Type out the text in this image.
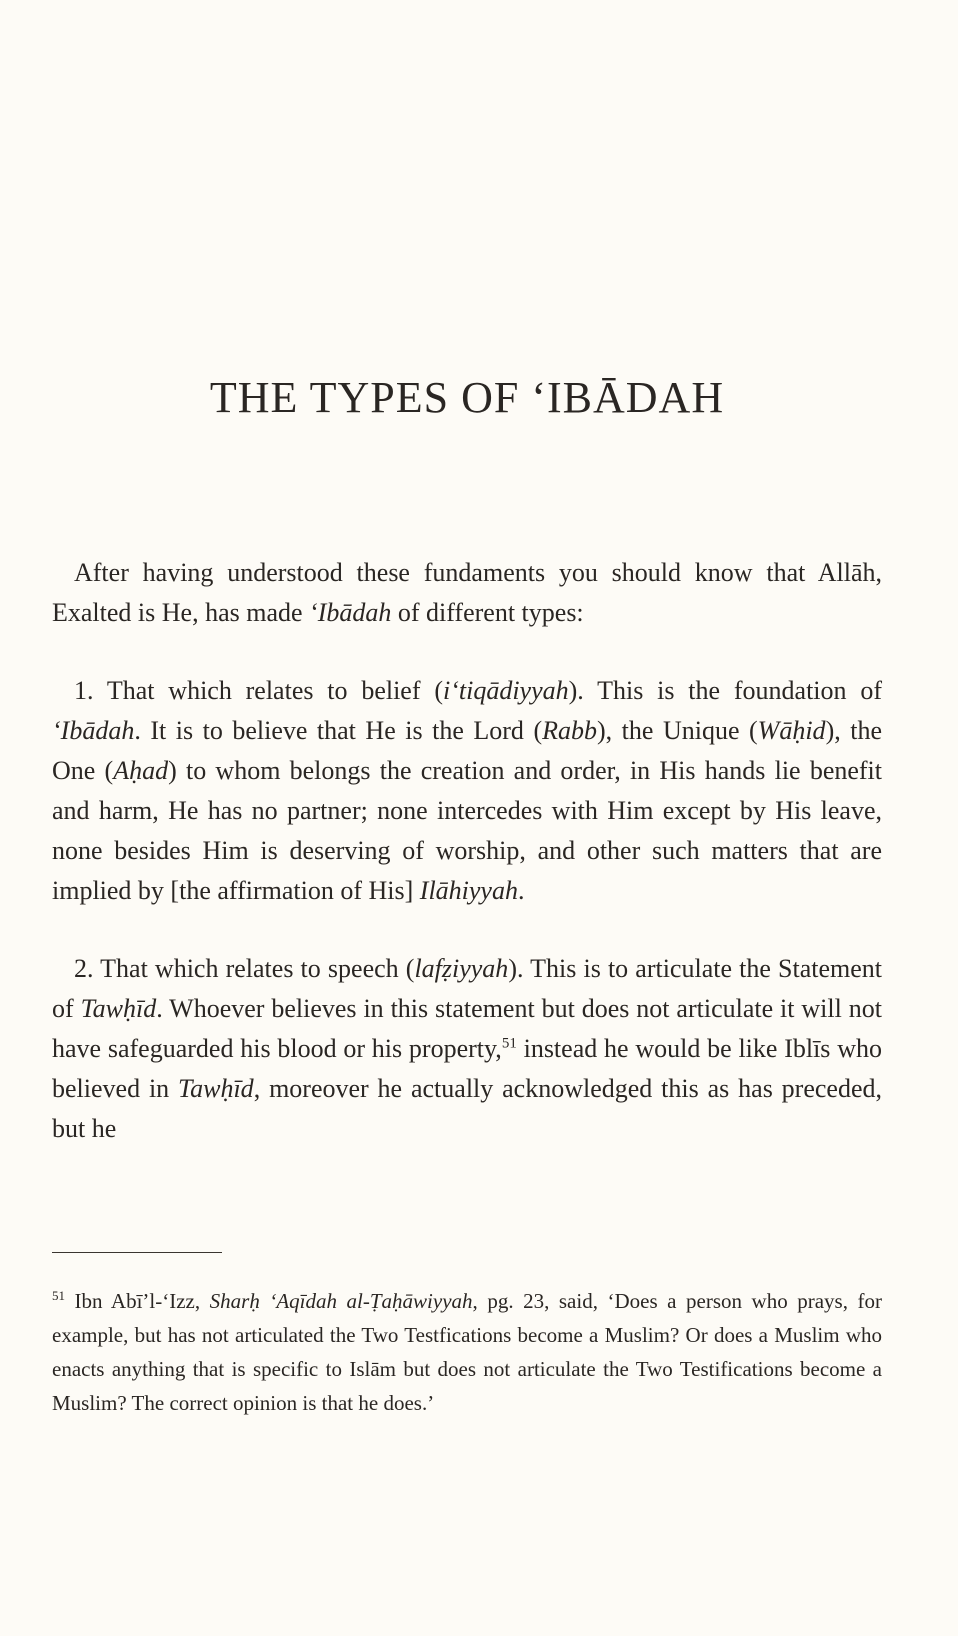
THE TYPES OF ‘IBĀDAH

After having understood these fundaments you should know that Allāh, Exalted is He, has made ‘Ibādah of different types:

1. That which relates to belief (i‘tiqādiyyah). This is the foundation of ‘Ibādah. It is to believe that He is the Lord (Rabb), the Unique (Wāḥid), the One (Aḥad) to whom belongs the creation and order, in His hands lie benefit and harm, He has no partner; none intercedes with Him except by His leave, none besides Him is deserving of worship, and other such matters that are implied by [the affirmation of His] Ilāhiyyah.

2. That which relates to speech (lafẓiyyah). This is to articulate the Statement of Tawḥīd. Whoever believes in this statement but does not articulate it will not have safeguarded his blood or his property,$^{51}$ instead he would be like Iblīs who believed in Tawḥīd, moreover he actually acknowledged this as has preceded, but he

$^{51}$ Ibn Abī’l-‘Izz, Sharḥ ‘Aqīdah al-Ṭaḥāwiyyah, pg. 23, said, ‘Does a person who prays, for example, but has not articulated the Two Testfications become a Muslim? Or does a Muslim who enacts anything that is specific to Islām but does not articulate the Two Testifications become a Muslim? The correct opinion is that he does.’
